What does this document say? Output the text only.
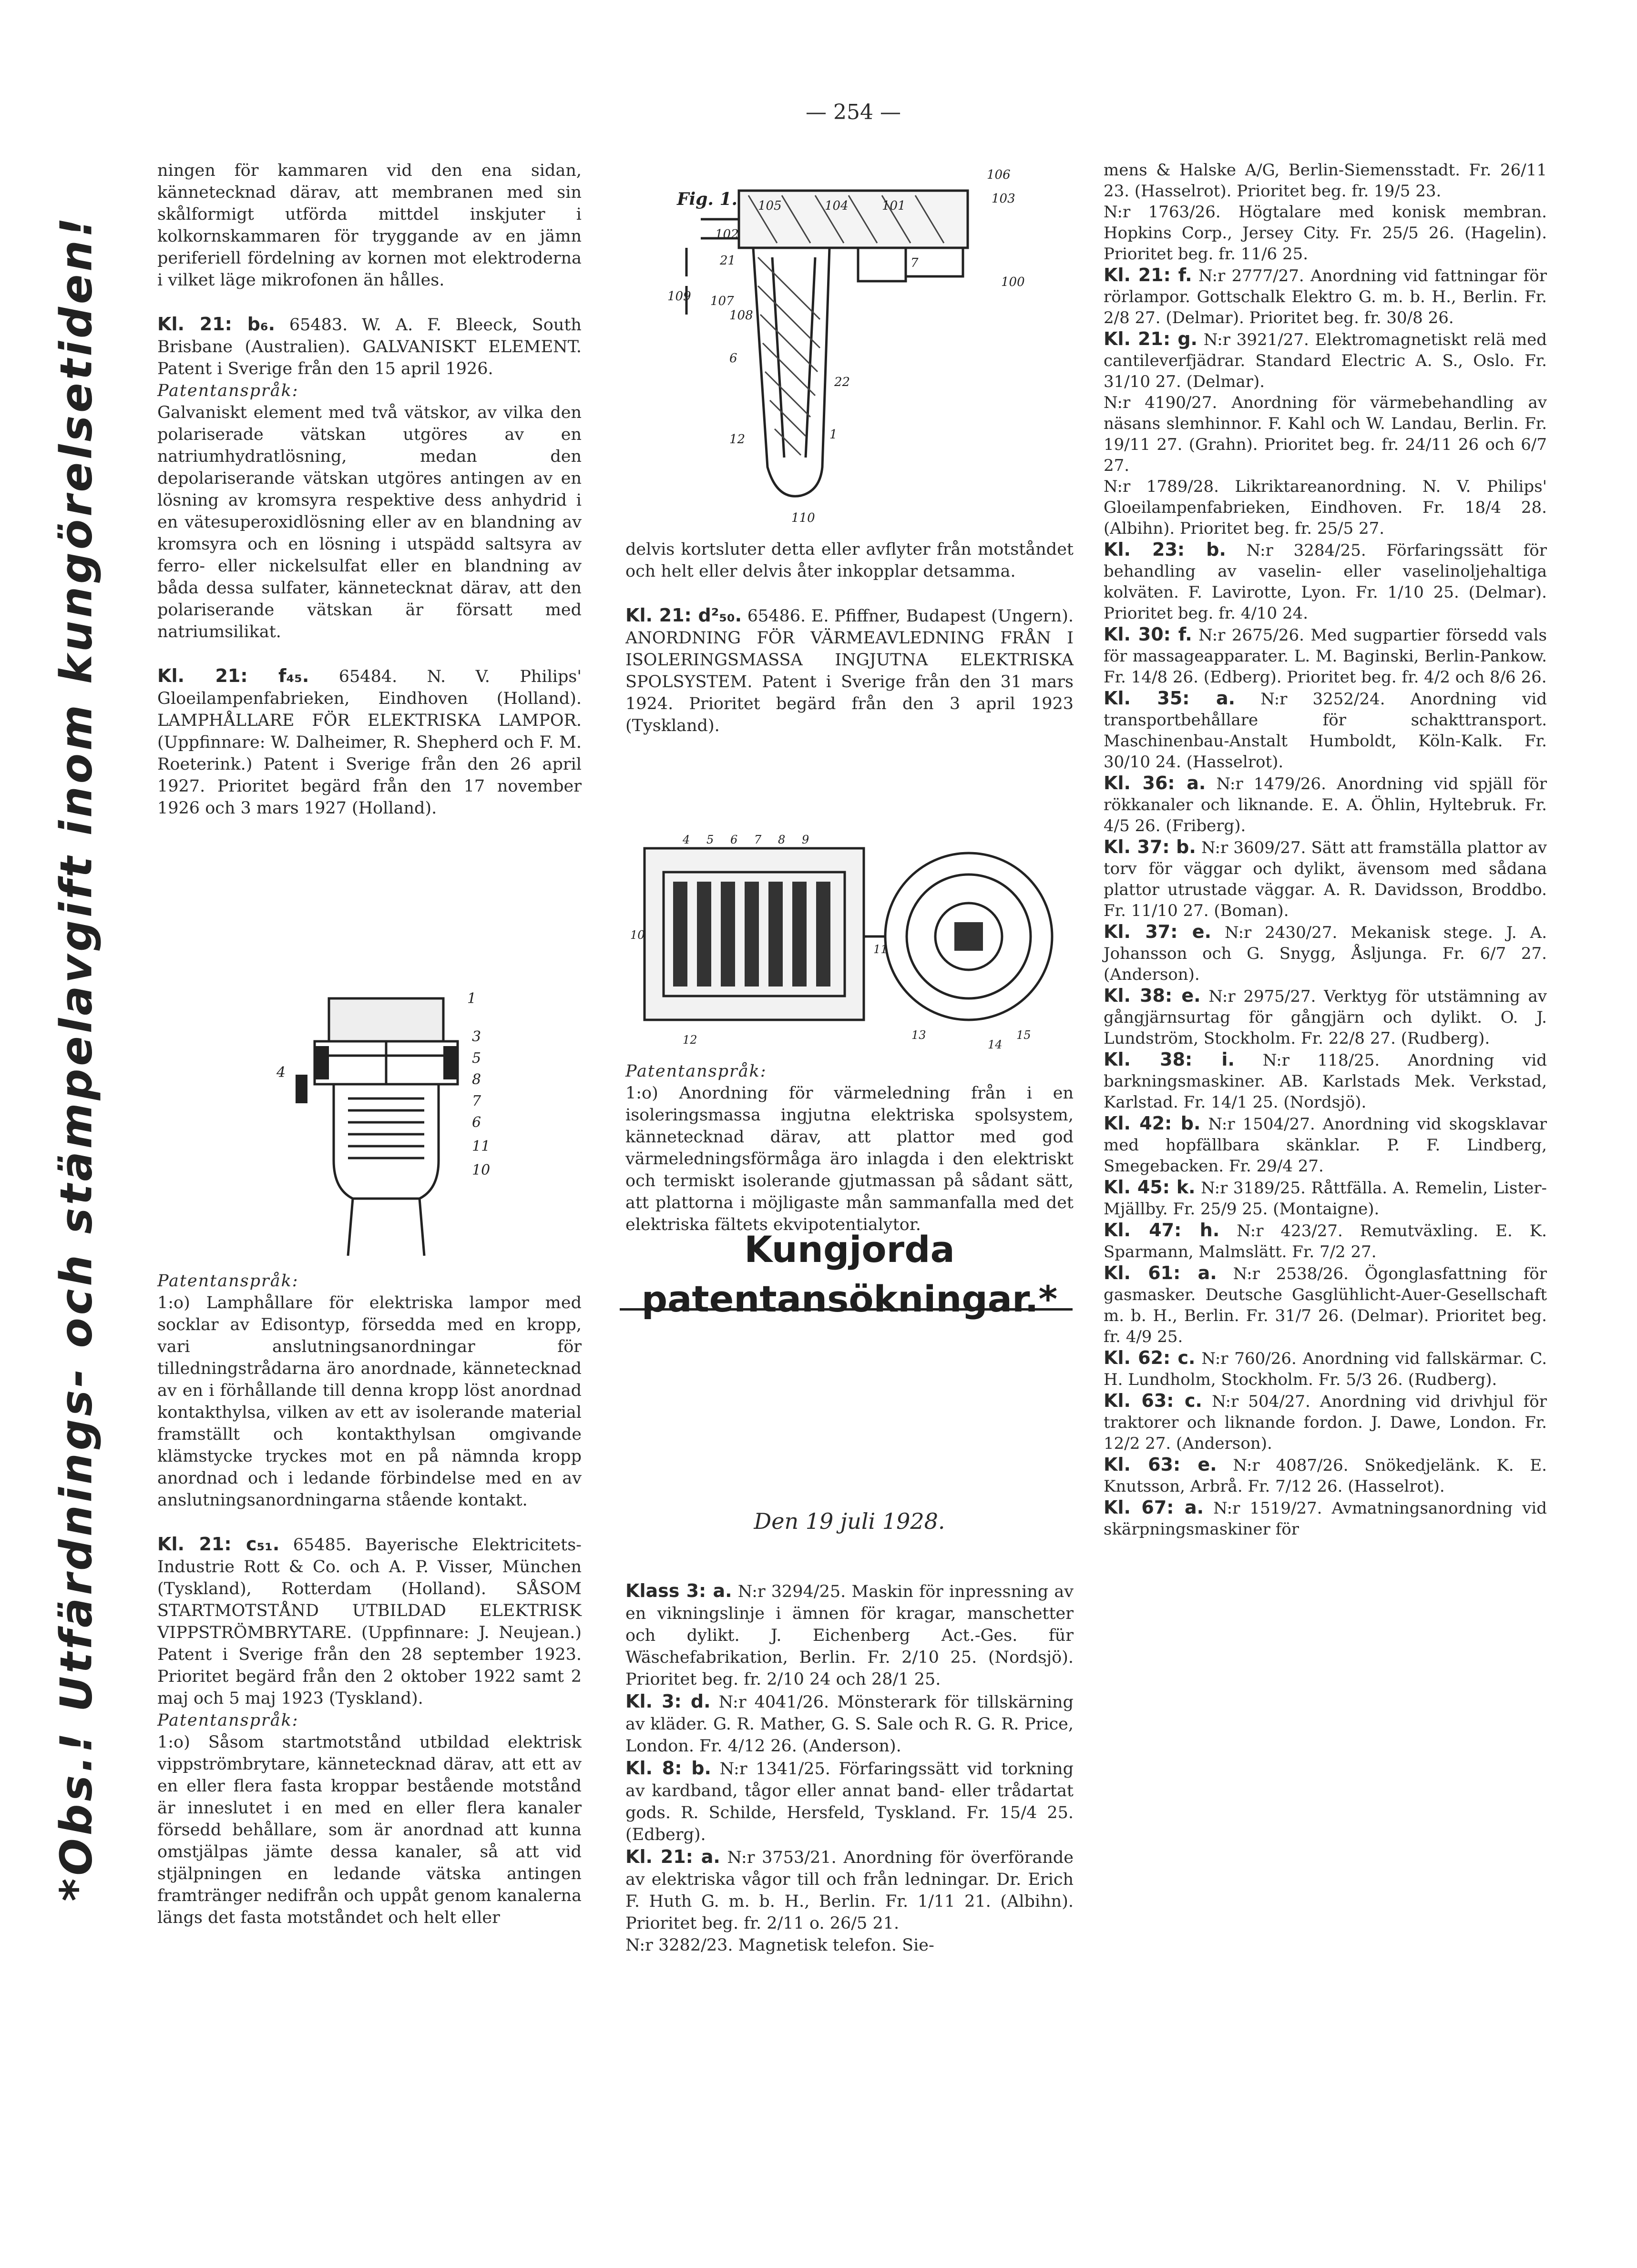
*Obs.! Utfärdnings- och stämpelavgift inom kungörelsetiden!
— 254 —

ningen för kammaren vid den ena sidan, kännetecknad därav, att membranen med sin skålformigt utförda mittdel inskjuter i kolkornskammaren för tryggande av en jämn periferiell fördelning av kornen mot elektroderna i vilket läge mikrofonen än hålles.

Kl. 21: b₆. 65483. W. A. F. Bleeck, South Brisbane (Australien). GALVANISKT ELEMENT. Patent i Sverige från den 15 april 1926.

Patentanspråk:

Galvaniskt element med två vätskor, av vilka den polariserade vätskan utgöres av en natriumhydratlösning, medan den depolariserande vätskan utgöres antingen av en lösning av kromsyra respektive dess anhydrid i en vätesuperoxidlösning eller av en blandning av kromsyra och en lösning i utspädd saltsyra av ferro- eller nickelsulfat eller en blandning av båda dessa sulfater, kännetecknat därav, att den polariserande vätskan är försatt med natriumsilikat.

Kl. 21: f₄₅. 65484. N. V. Philips' Gloeilampenfabrieken, Eindhoven (Holland). LAMPHÅLLARE FÖR ELEKTRISKA LAMPOR. (Uppfinnare: W. Dalheimer, R. Shepherd och F. M. Roeterink.) Patent i Sverige från den 26 april 1927. Prioritet begärd från den 17 november 1926 och 3 mars 1927 (Holland).

1
3
5
8
7
6
11
10
4

Patentanspråk:

1:o) Lamphållare för elektriska lampor med socklar av Edisontyp, försedda med en kropp, vari anslutningsanordningar för tilledningstrådarna äro anordnade, kännetecknad av en i förhållande till denna kropp löst anordnad kontakthylsa, vilken av ett av isolerande material framställt och kontakthylsan omgivande klämstycke tryckes mot en på nämnda kropp anordnad och i ledande förbindelse med en av anslutningsanordningarna stående kontakt.

Kl. 21: c₅₁. 65485. Bayerische Elektricitets-Industrie Rott & Co. och A. P. Visser, München (Tyskland), Rotterdam (Holland). SÅSOM STARTMOTSTÅND UTBILDAD ELEKTRISK VIPPSTRÖMBRYTARE. (Uppfinnare: J. Neujean.) Patent i Sverige från den 28 september 1923. Prioritet begärd från den 2 oktober 1922 samt 2 maj och 5 maj 1923 (Tyskland).

Patentanspråk:

1:o) Såsom startmotstånd utbildad elektrisk vippströmbrytare, kännetecknad därav, att ett av en eller flera fasta kroppar bestående motstånd är inneslutet i en med en eller flera kanaler försedd behållare, som är anordnad att kunna omstjälpas jämte dessa kanaler, så att vid stjälpningen en ledande vätska antingen framtränger nedifrån och uppåt genom kanalerna längs det fasta motståndet och helt eller

Fig. 1.
106
103
105	104	101
102
21	7
100
109 107
108
6
22
12	1
110

delvis kortsluter detta eller avflyter från motståndet och helt eller delvis åter inkopplar detsamma.

Kl. 21: d²₅₀. 65486. E. Pfiffner, Budapest (Ungern). ANORDNING FÖR VÄRMEAVLEDNING FRÅN I ISOLERINGSMASSA INGJUTNA ELEKTRISKA SPOLSYSTEM. Patent i Sverige från den 31 mars 1924. Prioritet begärd från den 3 april 1923 (Tyskland).

4 5 6 7 8 9
10
11
12	13
14
15

Patentanspråk:

1:o) Anordning för värmeledning från i en isoleringsmassa ingjutna elektriska spolsystem, kännetecknad därav, att plattor med god värmeledningsförmåga äro inlagda i den elektriskt och termiskt isolerande gjutmassan på sådant sätt, att plattorna i möjligaste mån sammanfalla med det elektriska fältets ekvipotentialytor.

Kungjorda patentansökningar.*
Den 19 juli 1928.

Klass 3: a. N:r 3294/25. Maskin för inpressning av en vikningslinje i ämnen för kragar, manschetter och dylikt. J. Eichenberg Act.-Ges. für Wäschefabrikation, Berlin. Fr. 2/10 25. (Nordsjö). Prioritet beg. fr. 2/10 24 och 28/1 25.

Kl. 3: d. N:r 4041/26. Mönsterark för tillskärning av kläder. G. R. Mather, G. S. Sale och R. G. R. Price, London. Fr. 4/12 26. (Anderson).

Kl. 8: b. N:r 1341/25. Förfaringssätt vid torkning av kardband, tågor eller annat band- eller trådartat gods. R. Schilde, Hersfeld, Tyskland. Fr. 15/4 25. (Edberg).

Kl. 21: a. N:r 3753/21. Anordning för överförande av elektriska vågor till och från ledningar. Dr. Erich F. Huth G. m. b. H., Berlin. Fr. 1/11 21. (Albihn). Prioritet beg. fr. 2/11 o. 26/5 21.

N:r 3282/23. Magnetisk telefon. Sie-

mens & Halske A/G, Berlin-Siemensstadt. Fr. 26/11 23. (Hasselrot). Prioritet beg. fr. 19/5 23.

N:r 1763/26. Högtalare med konisk membran. Hopkins Corp., Jersey City. Fr. 25/5 26. (Hagelin). Prioritet beg. fr. 11/6 25.

Kl. 21: f. N:r 2777/27. Anordning vid fattningar för rörlampor. Gottschalk Elektro G. m. b. H., Berlin. Fr. 2/8 27. (Delmar). Prioritet beg. fr. 30/8 26.

Kl. 21: g. N:r 3921/27. Elektromagnetiskt relä med cantileverfjädrar. Standard Electric A. S., Oslo. Fr. 31/10 27. (Delmar).

N:r 4190/27. Anordning för värmebehandling av näsans slemhinnor. F. Kahl och W. Landau, Berlin. Fr. 19/11 27. (Grahn). Prioritet beg. fr. 24/11 26 och 6/7 27.

N:r 1789/28. Likriktareanordning. N. V. Philips' Gloeilampenfabrieken, Eindhoven. Fr. 18/4 28. (Albihn). Prioritet beg. fr. 25/5 27.

Kl. 23: b. N:r 3284/25. Förfaringssätt för behandling av vaselin- eller vaselinoljehaltiga kolväten. F. Lavirotte, Lyon. Fr. 1/10 25. (Delmar). Prioritet beg. fr. 4/10 24.

Kl. 30: f. N:r 2675/26. Med sugpartier försedd vals för massageapparater. L. M. Baginski, Berlin-Pankow. Fr. 14/8 26. (Edberg). Prioritet beg. fr. 4/2 och 8/6 26.

Kl. 35: a. N:r 3252/24. Anordning vid transportbehållare för schakttransport. Maschinenbau-Anstalt Humboldt, Köln-Kalk. Fr. 30/10 24. (Hasselrot).

Kl. 36: a. N:r 1479/26. Anordning vid spjäll för rökkanaler och liknande. E. A. Öhlin, Hyltebruk. Fr. 4/5 26. (Friberg).

Kl. 37: b. N:r 3609/27. Sätt att framställa plattor av torv för väggar och dylikt, ävensom med sådana plattor utrustade väggar. A. R. Davidsson, Broddbo. Fr. 11/10 27. (Boman).

Kl. 37: e. N:r 2430/27. Mekanisk stege. J. A. Johansson och G. Snygg, Åsljunga. Fr. 6/7 27. (Anderson).

Kl. 38: e. N:r 2975/27. Verktyg för utstämning av gångjärnsurtag för gångjärn och dylikt. O. J. Lundström, Stockholm. Fr. 22/8 27. (Rudberg).

Kl. 38: i. N:r 118/25. Anordning vid barkningsmaskiner. AB. Karlstads Mek. Verkstad, Karlstad. Fr. 14/1 25. (Nordsjö).

Kl. 42: b. N:r 1504/27. Anordning vid skogsklavar med hopfällbara skänklar. P. F. Lindberg, Smegebacken. Fr. 29/4 27.

Kl. 45: k. N:r 3189/25. Råttfälla. A. Remelin, Lister-Mjällby. Fr. 25/9 25. (Montaigne).

Kl. 47: h. N:r 423/27. Remutväxling. E. K. Sparmann, Malmslätt. Fr. 7/2 27.

Kl. 61: a. N:r 2538/26. Ögonglasfattning för gasmasker. Deutsche Gasglühlicht-Auer-Gesellschaft m. b. H., Berlin. Fr. 31/7 26. (Delmar). Prioritet beg. fr. 4/9 25.

Kl. 62: c. N:r 760/26. Anordning vid fallskärmar. C. H. Lundholm, Stockholm. Fr. 5/3 26. (Rudberg).

Kl. 63: c. N:r 504/27. Anordning vid drivhjul för traktorer och liknande fordon. J. Dawe, London. Fr. 12/2 27. (Anderson).

Kl. 63: e. N:r 4087/26. Snökedjelänk. K. E. Knutsson, Arbrå. Fr. 7/12 26. (Hasselrot).

Kl. 67: a. N:r 1519/27. Avmatningsanordning vid skärpningsmaskiner för
